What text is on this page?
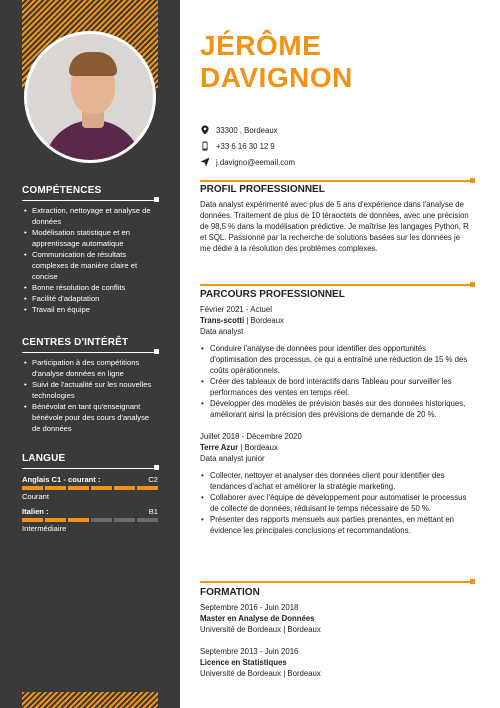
COMPÉTENCES
• Extraction, nettoyage et analyse de données
• Modélisation statistique et en apprentissage automatique
• Communication de résultats complexes de manière claire et concise
• Bonne résolution de conflits
• Facilité d'adaptation
• Travail en équipe
CENTRES D'INTÉRÊT
• Participation à des compétitions d'analyse données en ligne
• Suivi de l'actualité sur les nouvelles technologies
• Bénévolat en tant qu'enseignant bénévole pour des cours d'analyse de données
LANGUE
Anglais C1 - courant :	C2
Courant
Italien :	B1
Intermédiaire
JÉRÔME
DAVIGNON
33300 , Bordeaux
+33 6 16 30 12 9
j.davigno@eemail.com
PROFIL PROFESSIONNEL
Data analyst expérimenté avec plus de 5 ans d'expérience dans l'analyse de données. Traitement de plus de 10 téraoctets de données, avec une précision de 98,5 % dans la modélisation prédictive. Je maîtrise les langages Python, R et SQL. Passionné par la recherche de solutions basées sur les données je me dédie à la résolution des problèmes complexes.
PARCOURS PROFESSIONNEL
Février 2021 - Actuel
Trans-scotti | Bordeaux
Data analyst
• Conduire l'analyse de données pour identifier des opportunités d'optimisation des processus, ce qui a entraîné une réduction de 15 % des coûts opérationnels.
• Créer des tableaux de bord interactifs dans Tableau pour surveiller les performances des ventes en temps réel.
• Développer des modèles de prévision basés sur des données historiques, améliorant ainsi la précision des prévisions de demande de 20 %.
Juillet 2018 - Décembre 2020
Terre Azur | Bordeaux
Data analyst junior
• Collecter, nettoyer et analyser des données client pour identifier des tendances d'achat et améliorer la stratégie marketing.
• Collaborer avec l'équipe de développement pour automatiser le processus de collecte de données, réduisant le temps nécessaire de 50 %.
• Présenter des rapports mensuels aux parties prenantes, en mettant en évidence les principales conclusions et recommandations.
FORMATION
Septembre 2016 - Juin 2018
Master en Analyse de Données
Université de Bordeaux | Bordeaux
Septembre 2013 - Juin 2016
Licence en Statistiques
Université de Bordeaux | Bordeaux
